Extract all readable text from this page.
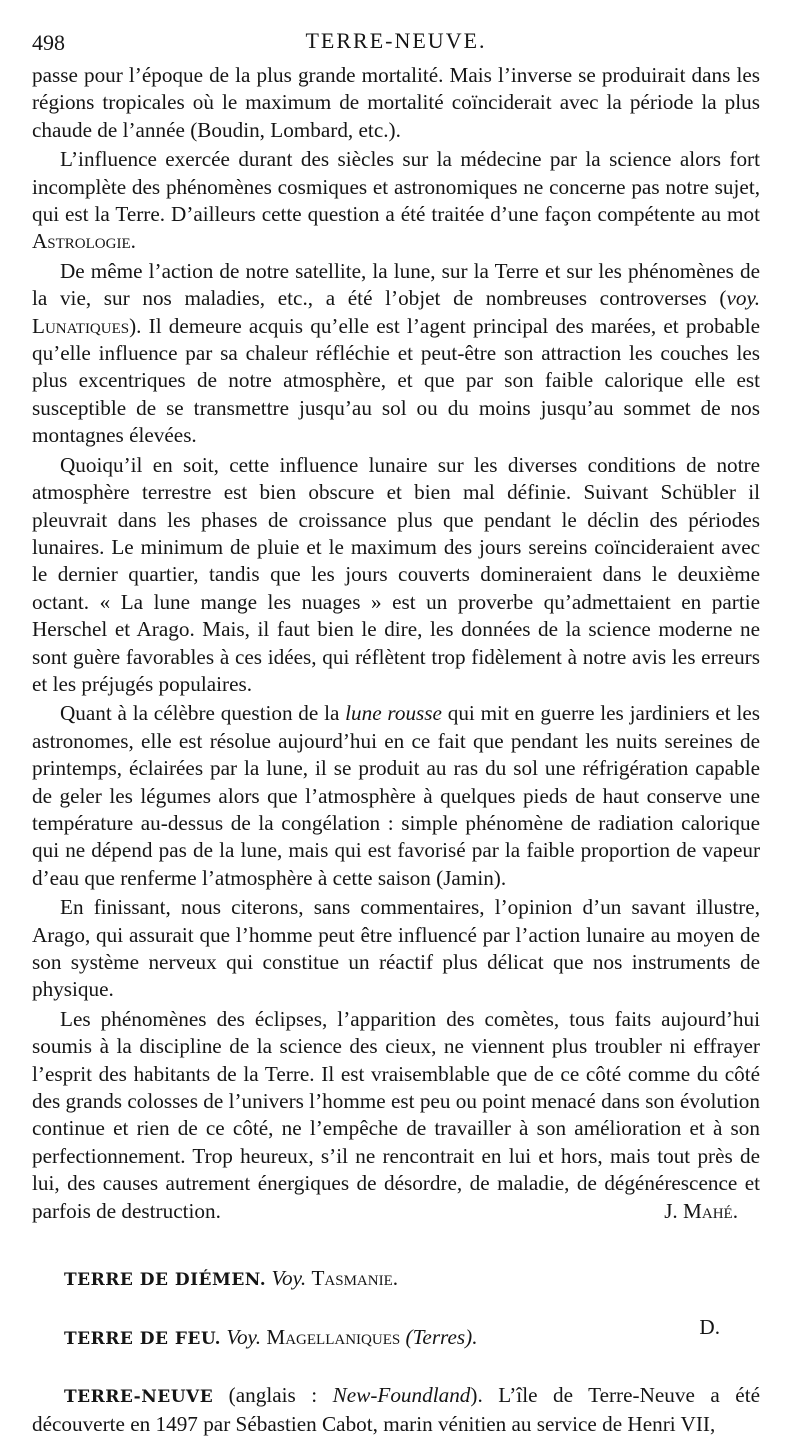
498	TERRE-NEUVE.

passe pour l’époque de la plus grande mortalité. Mais l’inverse se produirait dans les régions tropicales où le maximum de mortalité coïnciderait avec la période la plus chaude de l’année (Boudin, Lombard, etc.).

L’influence exercée durant des siècles sur la médecine par la science alors fort incomplète des phénomènes cosmiques et astronomiques ne concerne pas notre sujet, qui est la Terre. D’ailleurs cette question a été traitée d’une façon compétente au mot Astrologie.

De même l’action de notre satellite, la lune, sur la Terre et sur les phénomènes de la vie, sur nos maladies, etc., a été l’objet de nombreuses controverses (voy. Lunatiques). Il demeure acquis qu’elle est l’agent principal des marées, et probable qu’elle influence par sa chaleur réfléchie et peut-être son attraction les couches les plus excentriques de notre atmosphère, et que par son faible calorique elle est susceptible de se transmettre jusqu’au sol ou du moins jusqu’au sommet de nos montagnes élevées.

Quoiqu’il en soit, cette influence lunaire sur les diverses conditions de notre atmosphère terrestre est bien obscure et bien mal définie. Suivant Schübler il pleuvrait dans les phases de croissance plus que pendant le déclin des périodes lunaires. Le minimum de pluie et le maximum des jours sereins coïncideraient avec le dernier quartier, tandis que les jours couverts domineraient dans le deuxième octant. « La lune mange les nuages » est un proverbe qu’admettaient en partie Herschel et Arago. Mais, il faut bien le dire, les données de la science moderne ne sont guère favorables à ces idées, qui réflètent trop fidèlement à notre avis les erreurs et les préjugés populaires.

Quant à la célèbre question de la lune rousse qui mit en guerre les jardiniers et les astronomes, elle est résolue aujourd’hui en ce fait que pendant les nuits sereines de printemps, éclairées par la lune, il se produit au ras du sol une réfrigération capable de geler les légumes alors que l’atmosphère à quelques pieds de haut conserve une température au-dessus de la congélation : simple phénomène de radiation calorique qui ne dépend pas de la lune, mais qui est favorisé par la faible proportion de vapeur d’eau que renferme l’atmosphère à cette saison (Jamin).

En finissant, nous citerons, sans commentaires, l’opinion d’un savant illustre, Arago, qui assurait que l’homme peut être influencé par l’action lunaire au moyen de son système nerveux qui constitue un réactif plus délicat que nos instruments de physique.

Les phénomènes des éclipses, l’apparition des comètes, tous faits aujourd’hui soumis à la discipline de la science des cieux, ne viennent plus troubler ni effrayer l’esprit des habitants de la Terre. Il est vraisemblable que de ce côté comme du côté des grands colosses de l’univers l’homme est peu ou point menacé dans son évolution continue et rien de ce côté, ne l’empêche de travailler à son amélioration et à son perfectionnement. Trop heureux, s’il ne rencontrait en lui et hors, mais tout près de lui, des causes autrement énergiques de désordre, de maladie, de dégénérescence et parfois de destruction.	J. Mahé.

TERRE DE DIÉMEN. Voy. Tasmanie.

TERRE DE FEU. Voy. Magellaniques (Terres).	D.

TERRE-NEUVE (anglais : New-Foundland). L’île de Terre-Neuve a été découverte en 1497 par Sébastien Cabot, marin vénitien au service de Henri VII,
